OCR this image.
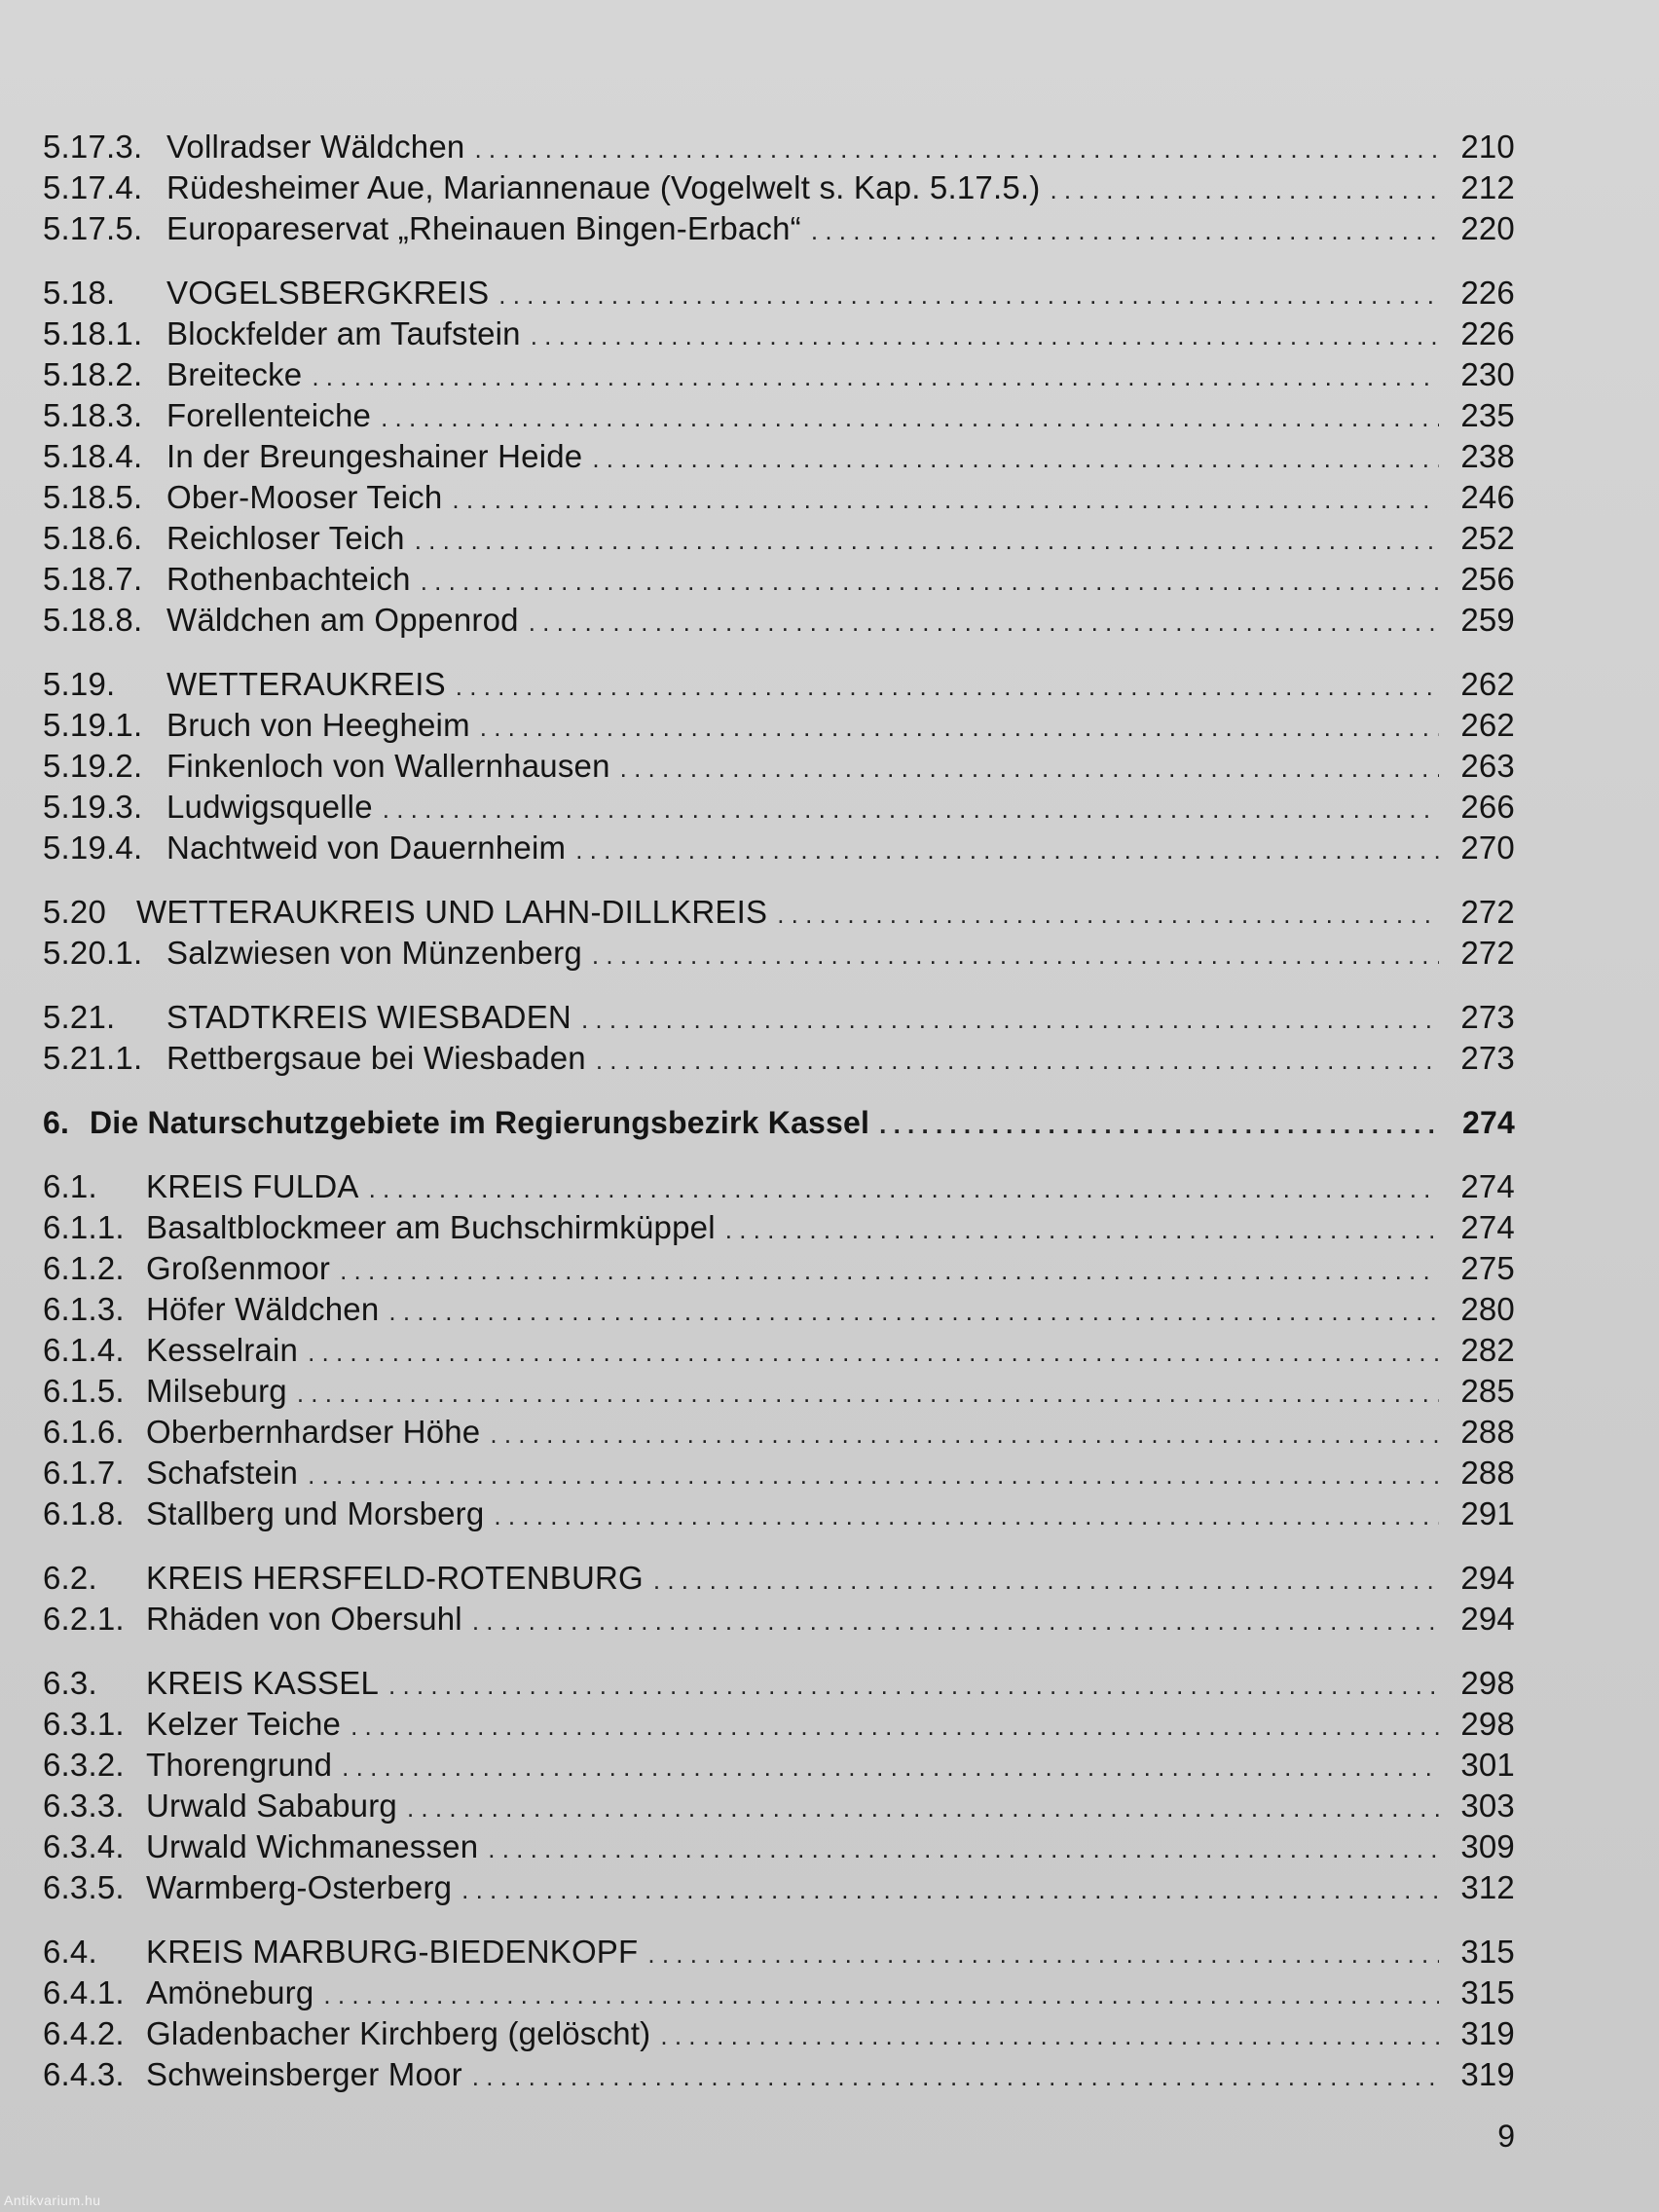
5.17.3. Vollradser Wäldchen . . .	210
5.17.4. Rüdesheimer Aue, Mariannenaue (Vogelwelt s. Kap. 5.17.5.) . . .	212
5.17.5. Europareservat „Rheinauen Bingen-Erbach“ . . .	220
5.18.	VOGELSBERGKREIS . . .	226
5.18.1. Blockfelder am Taufstein . . .	226
5.18.2. Breitecke . . .	230
5.18.3. Forellenteiche . . .	235
5.18.4. In der Breungeshainer Heide . . .	238
5.18.5. Ober-Mooser Teich . . .	246
5.18.6. Reichloser Teich . . .	252
5.18.7. Rothenbachteich . . .	256
5.18.8. Wäldchen am Oppenrod . . .	259
5.19.	WETTERAUKREIS . . .	262
5.19.1. Bruch von Heegheim . . .	262
5.19.2. Finkenloch von Wallernhausen . . .	263
5.19.3. Ludwigsquelle . . .	266
5.19.4. Nachtweid von Dauernheim . . .	270
5.20 WETTERAUKREIS UND LAHN-DILLKREIS . . .	272
5.20.1. Salzwiesen von Münzenberg . . .	272
5.21.	STADTKREIS WIESBADEN . . .	273
5.21.1. Rettbergsaue bei Wiesbaden . . .	273
6. Die Naturschutzgebiete im Regierungsbezirk Kassel . . .	274
6.1.	KREIS FULDA . . .	274
6.1.1. Basaltblockmeer am Buchschirmküppel . . .	274
6.1.2. Großenmoor . . .	275
6.1.3. Höfer Wäldchen . . .	280
6.1.4. Kesselrain . . .	282
6.1.5. Milseburg . . .	285
6.1.6. Oberbernhardser Höhe . . .	288
6.1.7. Schafstein . . .	288
6.1.8. Stallberg und Morsberg . . .	291
6.2.	KREIS HERSFELD-ROTENBURG . . .	294
6.2.1. Rhäden von Obersuhl . . .	294
6.3.	KREIS KASSEL . . .	298
6.3.1. Kelzer Teiche . . .	298
6.3.2. Thorengrund . . .	301
6.3.3. Urwald Sababurg . . .	303
6.3.4. Urwald Wichmanessen . . .	309
6.3.5. Warmberg-Osterberg . . .	312
6.4.	KREIS MARBURG-BIEDENKOPF . . .	315
6.4.1. Amöneburg . . .	315
6.4.2. Gladenbacher Kirchberg (gelöscht) . . .	319
6.4.3. Schweinsberger Moor . . .	319
9
Antikvarium.hu
